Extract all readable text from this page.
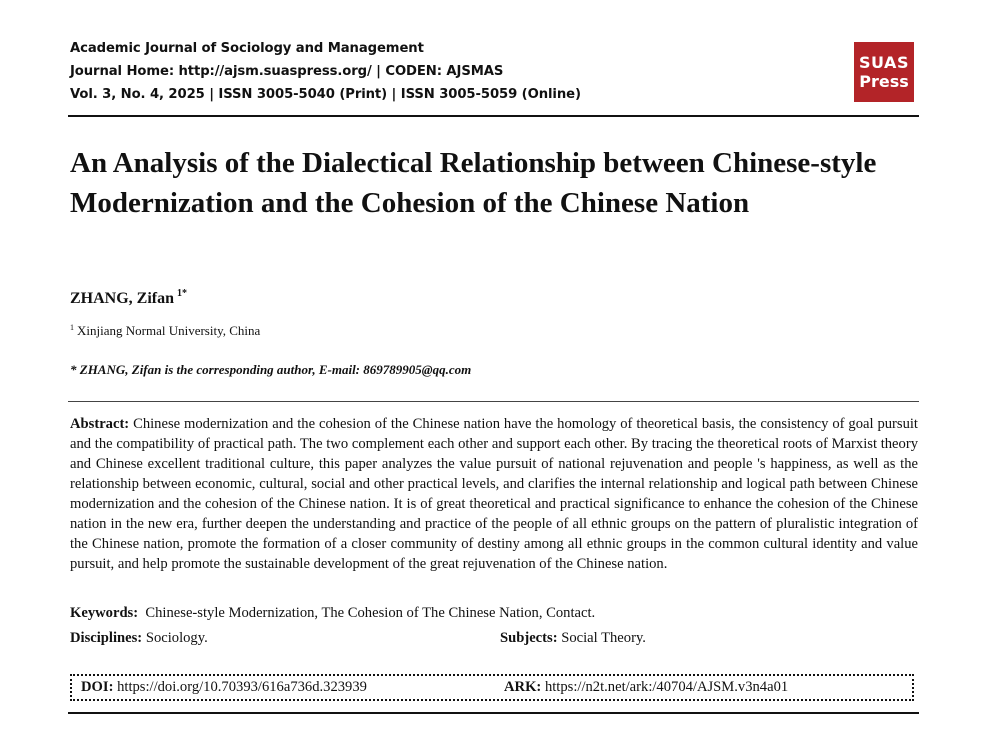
Academic Journal of Sociology and Management
Journal Home: http://ajsm.suaspress.org/ | CODEN: AJSMAS
Vol. 3, No. 4, 2025 | ISSN 3005-5040 (Print) | ISSN 3005-5059 (Online)
SUAS
Press
An Analysis of the Dialectical Relationship between Chinese-style Modernization and the Cohesion of the Chinese Nation
ZHANG, Zifan $^{1*}$
$^1$ Xinjiang Normal University, China
* ZHANG, Zifan is the corresponding author, E-mail: 869789905@qq.com
Abstract: Chinese modernization and the cohesion of the Chinese nation have the homology of theoretical basis, the consistency of goal pursuit and the compatibility of practical path. The two complement each other and support each other. By tracing the theoretical roots of Marxist theory and Chinese excellent traditional culture, this paper analyzes the value pursuit of national rejuvenation and people 's happiness, as well as the relationship between economic, cultural, social and other practical levels, and clarifies the internal relationship and logical path between Chinese modernization and the cohesion of the Chinese nation. It is of great theoretical and practical significance to enhance the cohesion of the Chinese nation in the new era, further deepen the understanding and practice of the people of all ethnic groups on the pattern of pluralistic integration of the Chinese nation, promote the formation of a closer community of destiny among all ethnic groups in the common cultural identity and value pursuit, and help promote the sustainable development of the great rejuvenation of the Chinese nation.
Keywords: Chinese-style Modernization, The Cohesion of The Chinese Nation, Contact.
Disciplines: Sociology.	Subjects: Social Theory.
DOI: https://doi.org/10.70393/616a736d.323939	ARK: https://n2t.net/ark:/40704/AJSM.v3n4a01
